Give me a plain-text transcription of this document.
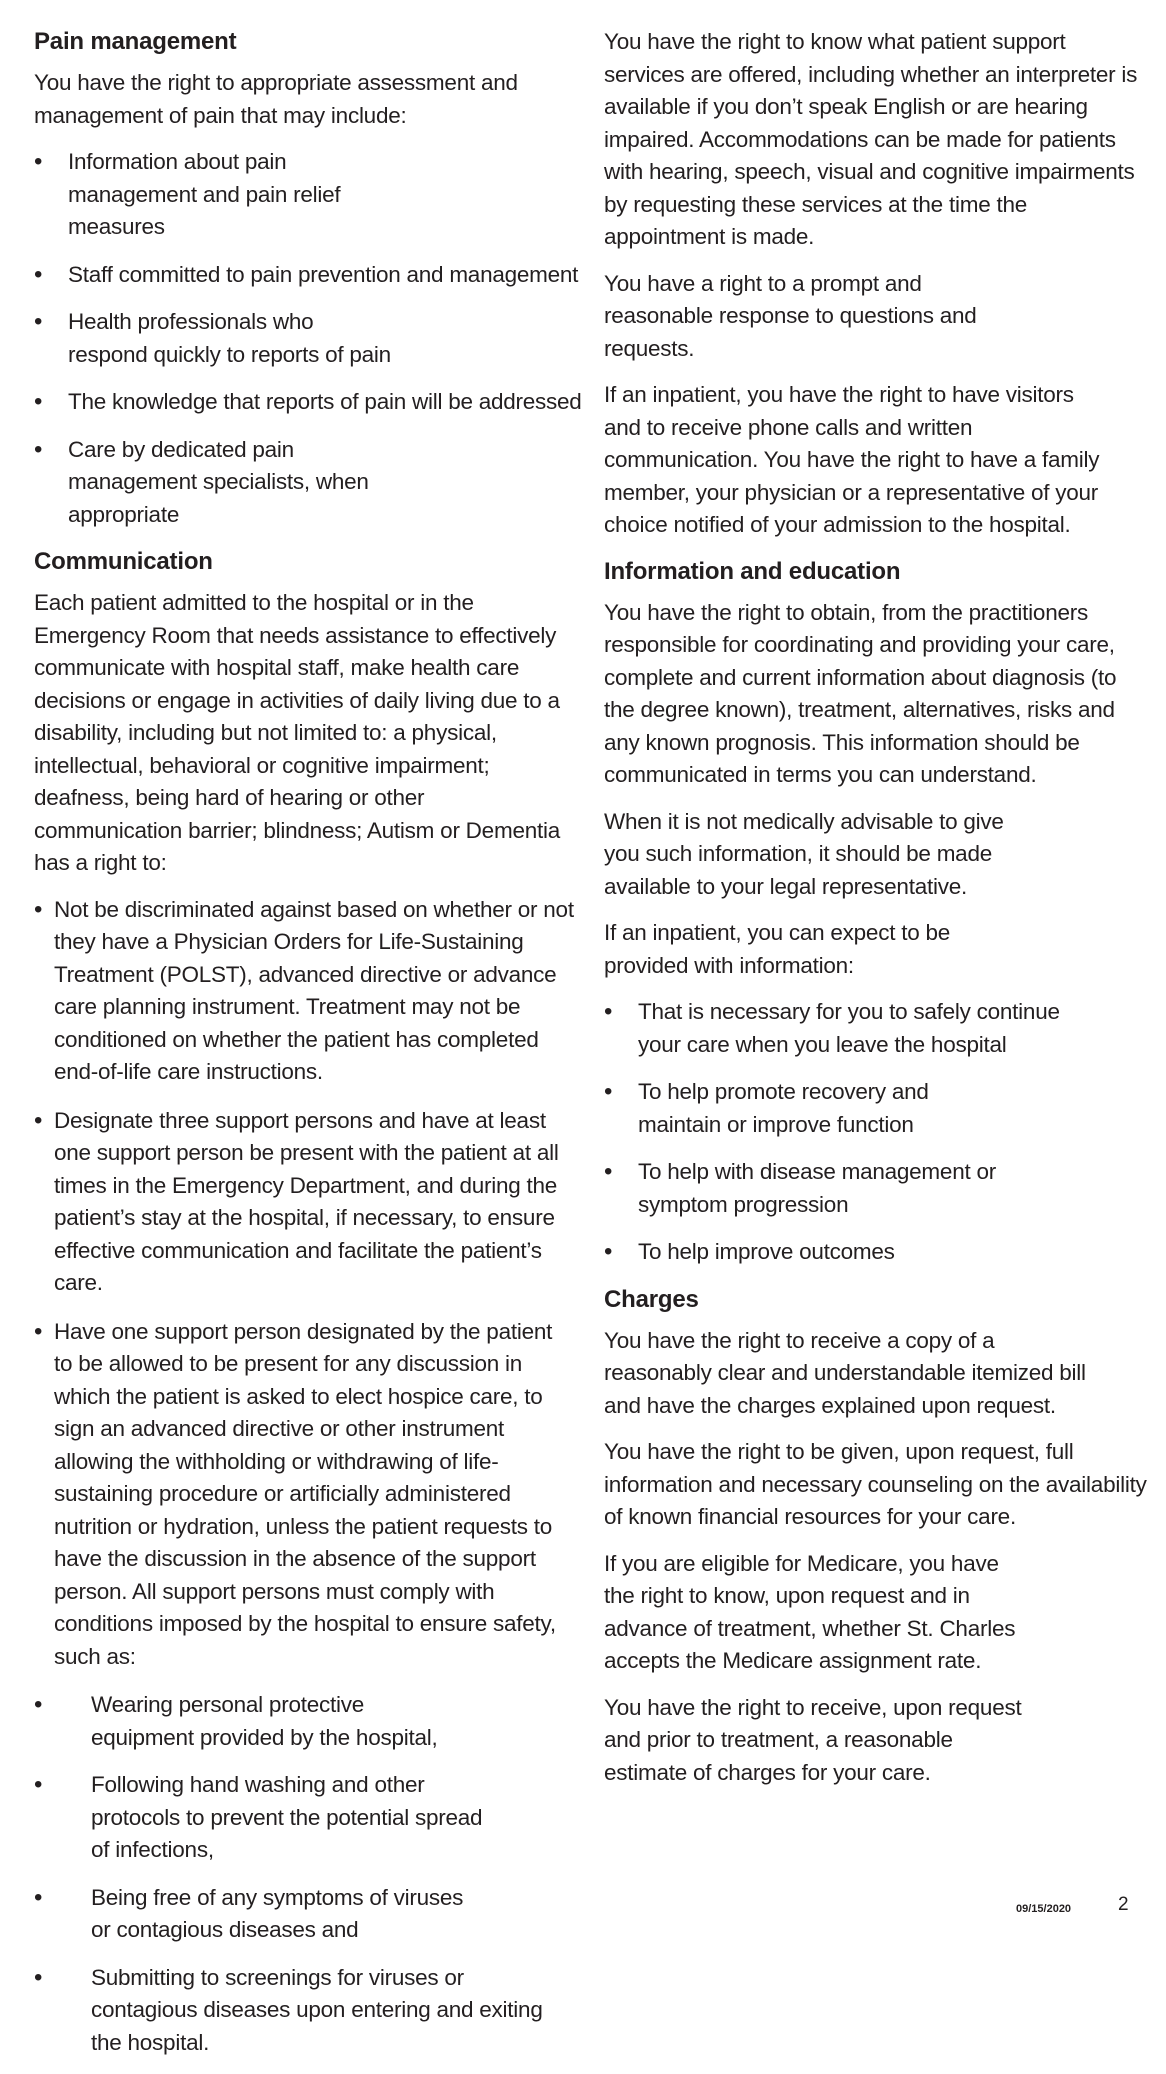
Pain management

You have the right to appropriate assessment and management of pain that may include:

• Information about pain management and pain relief measures
• Staff committed to pain prevention and management
• Health professionals who respond quickly to reports of pain
• The knowledge that reports of pain will be addressed
• Care by dedicated pain management specialists, when appropriate
Communication

Each patient admitted to the hospital or in the Emergency Room that needs assistance to effectively communicate with hospital staff, make health care decisions or engage in activities of daily living due to a disability, including but not limited to: a physical, intellectual, behavioral or cognitive impairment; deafness, being hard of hearing or other communication barrier; blindness; Autism or Dementia has a right to:

• Not be discriminated against based on whether or not they have a Physician Orders for Life-Sustaining Treatment (POLST), advanced directive or advance care planning instrument. Treatment may not be conditioned on whether the patient has completed end-of-life care instructions.
• Designate three support persons and have at least one support person be present with the patient at all times in the Emergency Department, and during the patient’s stay at the hospital, if necessary, to ensure effective communication and facilitate the patient’s care.
• Have one support person designated by the patient to be allowed to be present for any discussion in which the patient is asked to elect hospice care, to sign an advanced directive or other instrument allowing the withholding or withdrawing of life-sustaining procedure or artificially administered nutrition or hydration, unless the patient requests to have the discussion in the absence of the support person. All support persons must comply with conditions imposed by the hospital to ensure safety, such as:
• Wearing personal protective equipment provided by the hospital,
• Following hand washing and other protocols to prevent the potential spread of infections,
• Being free of any symptoms of viruses or contagious diseases and
• Submitting to screenings for viruses or contagious diseases upon entering and exiting the hospital.

You have the right to know what patient support services are offered, including whether an interpreter is available if you don’t speak English or are hearing impaired. Accommodations can be made for patients with hearing, speech, visual and cognitive impairments by requesting these services at the time the appointment is made.

You have a right to a prompt and reasonable response to questions and requests.

If an inpatient, you have the right to have visitors and to receive phone calls and written communication. You have the right to have a family member, your physician or a representative of your choice notified of your admission to the hospital.

Information and education

You have the right to obtain, from the practitioners responsible for coordinating and providing your care, complete and current information about diagnosis (to the degree known), treatment, alternatives, risks and any known prognosis. This information should be communicated in terms you can understand.

When it is not medically advisable to give you such information, it should be made available to your legal representative.

If an inpatient, you can expect to be provided with information:

• That is necessary for you to safely continue your care when you leave the hospital
• To help promote recovery and maintain or improve function
• To help with disease management or symptom progression
• To help improve outcomes
Charges

You have the right to receive a copy of a reasonably clear and understandable itemized bill and have the charges explained upon request.

You have the right to be given, upon request, full information and necessary counseling on the availability of known financial resources for your care.

If you are eligible for Medicare, you have the right to know, upon request and in advance of treatment, whether St. Charles accepts the Medicare assignment rate.

You have the right to receive, upon request and prior to treatment, a reasonable estimate of charges for your care.

09/15/2020 2
